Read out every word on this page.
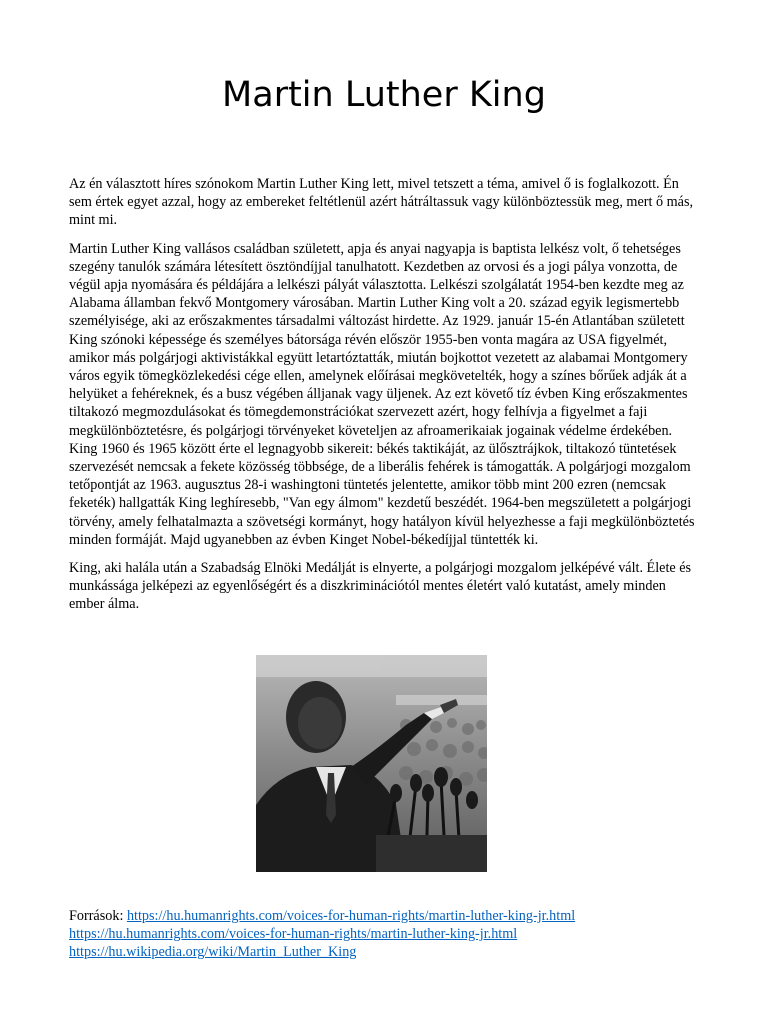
Martin Luther King

Az én választott híres szónokom Martin Luther King lett, mivel tetszett a téma, amivel ő is foglalkozott. Én sem értek egyet azzal, hogy az embereket feltétlenül azért hátráltassuk vagy különböztessük meg, mert ő más, mint mi.

Martin Luther King vallásos családban született, apja és anyai nagyapja is baptista lelkész volt, ő tehetséges szegény tanulók számára létesített ösztöndíjjal tanulhatott. Kezdetben az orvosi és a jogi pálya vonzotta, de végül apja nyomására és példájára a lelkészi pályát választotta. Lelkészi szolgálatát 1954-ben kezdte meg az Alabama államban fekvő Montgomery városában. Martin Luther King volt a 20. század egyik legismertebb személyisége, aki az erőszakmentes társadalmi változást hirdette. Az 1929. január 15-én Atlantában született King szónoki képessége és személyes bátorsága révén először 1955-ben vonta magára az USA figyelmét, amikor más polgárjogi aktivistákkal együtt letartóztatták, miután bojkottot vezetett az alabamai Montgomery város egyik tömegközlekedési cége ellen, amelynek előírásai megkövetelték, hogy a színes bőrűek adják át a helyüket a fehéreknek, és a busz végében álljanak vagy üljenek. Az ezt követő tíz évben King erőszakmentes tiltakozó megmozdulásokat és tömegdemonstrációkat szervezett azért, hogy felhívja a figyelmet a faji megkülönböztetésre, és polgárjogi törvényeket követeljen az afroamerikaiak jogainak védelme érdekében. King 1960 és 1965 között érte el legnagyobb sikereit: békés taktikáját, az ülősztrájkok, tiltakozó tüntetések szervezését nemcsak a fekete közösség többsége, de a liberális fehérek is támogatták. A polgárjogi mozgalom tetőpontját az 1963. augusztus 28-i washingtoni tüntetés jelentette, amikor több mint 200 ezren (nemcsak feketék) hallgatták King leghíresebb, "Van egy álmom" kezdetű beszédét. 1964-ben megszületett a polgárjogi törvény, amely felhatalmazta a szövetségi kormányt, hogy hatályon kívül helyezhesse a faji megkülönböztetés minden formáját. Majd ugyanebben az évben Kinget Nobel-békedíjjal tüntették ki.

King, aki halála után a Szabadság Elnöki Medálját is elnyerte, a polgárjogi mozgalom jelképévé vált. Élete és munkássága jelképezi az egyenlőségért és a diszkriminációtól mentes életért való kutatást, amely minden ember álma.

Források: https://hu.humanrights.com/voices-for-human-rights/martin-luther-king-jr.html
https://hu.humanrights.com/voices-for-human-rights/martin-luther-king-jr.html
https://hu.wikipedia.org/wiki/Martin_Luther_King
